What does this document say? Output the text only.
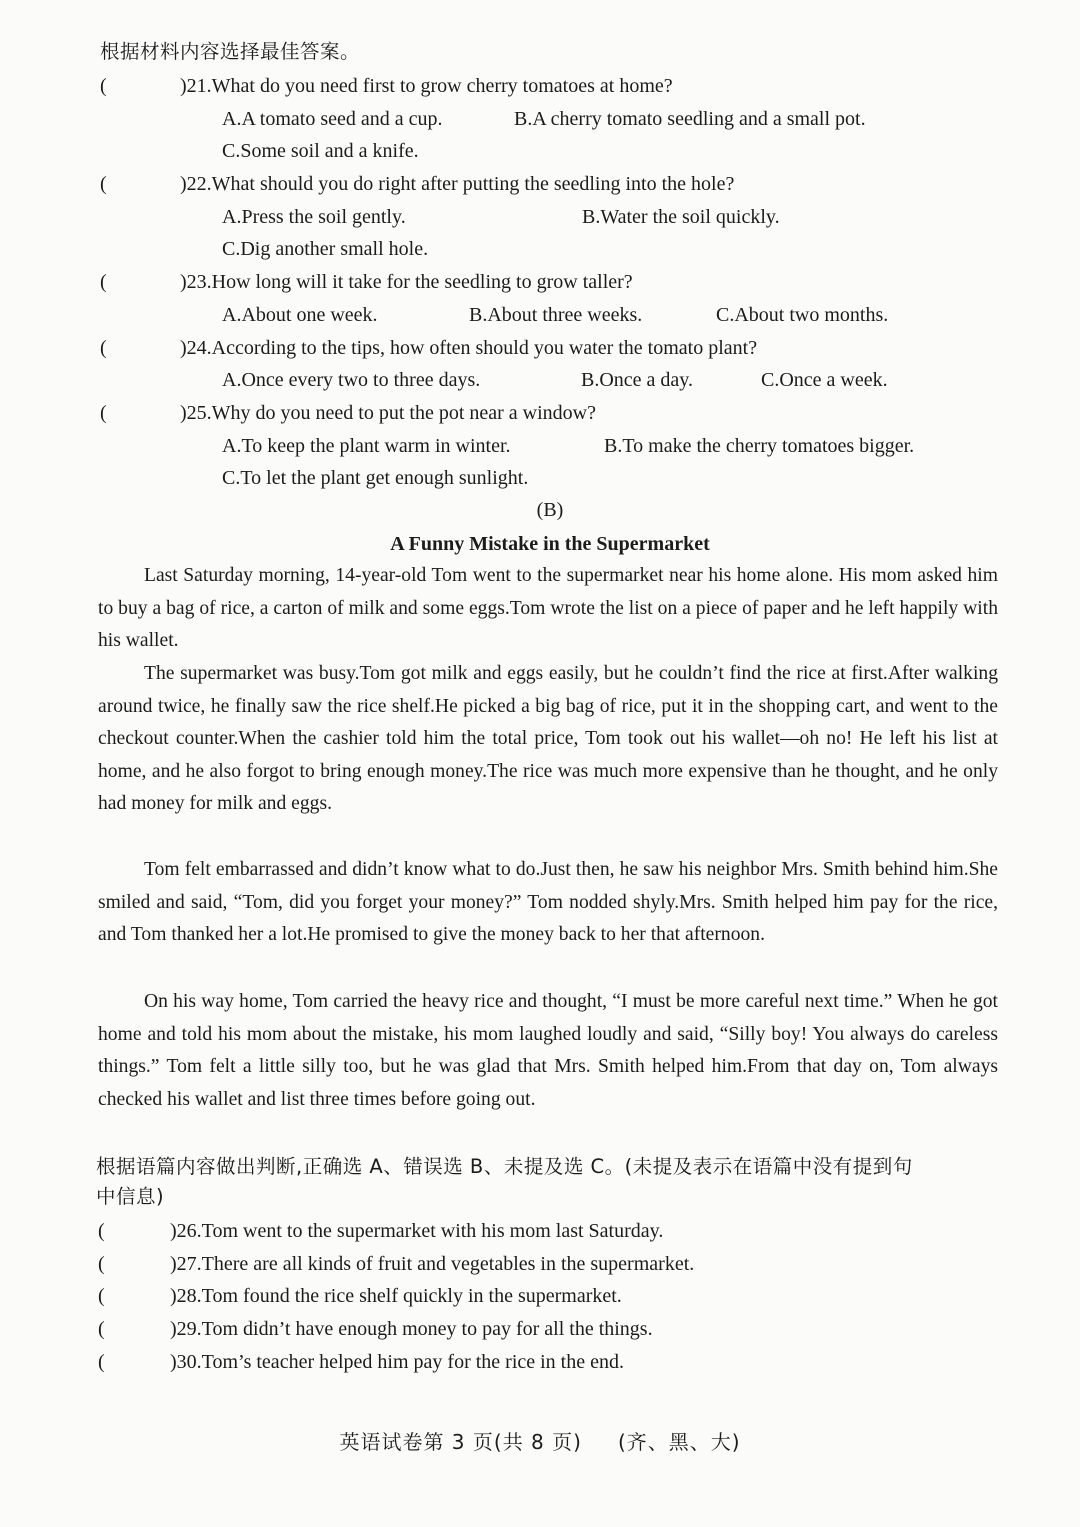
根据材料内容选择最佳答案。
(	)21.What do you need first to grow cherry tomatoes at home?
A.A tomato seed and a cup.	B.A cherry tomato seedling and a small pot.
C.Some soil and a knife.
(	)22.What should you do right after putting the seedling into the hole?
A.Press the soil gently.	B.Water the soil quickly.
C.Dig another small hole.
(	)23.How long will it take for the seedling to grow taller?
A.About one week.	B.About three weeks.	C.About two months.
(	)24.According to the tips, how often should you water the tomato plant?
A.Once every two to three days.	B.Once a day.	C.Once a week.
(	)25.Why do you need to put the pot near a window?
A.To keep the plant warm in winter.	B.To make the cherry tomatoes bigger.
C.To let the plant get enough sunlight.
(B)
A Funny Mistake in the Supermarket
Last Saturday morning, 14-year-old Tom went to the supermarket near his home alone. His mom asked him to buy a bag of rice, a carton of milk and some eggs.Tom wrote the list on a piece of paper and he left happily with his wallet.
The supermarket was busy.Tom got milk and eggs easily, but he couldn’t find the rice at first.After walking around twice, he finally saw the rice shelf.He picked a big bag of rice, put it in the shopping cart, and went to the checkout counter.When the cashier told him the total price, Tom took out his wallet—oh no! He left his list at home, and he also forgot to bring enough money.The rice was much more expensive than he thought, and he only had money for milk and eggs.
Tom felt embarrassed and didn’t know what to do.Just then, he saw his neighbor Mrs. Smith behind him.She smiled and said, “Tom, did you forget your money?” Tom nodded shyly.Mrs. Smith helped him pay for the rice, and Tom thanked her a lot.He promised to give the money back to her that afternoon.
On his way home, Tom carried the heavy rice and thought, “I must be more careful next time.” When he got home and told his mom about the mistake, his mom laughed loudly and said, “Silly boy! You always do careless things.” Tom felt a little silly too, but he was glad that Mrs. Smith helped him.From that day on, Tom always checked his wallet and list three times before going out.
根据语篇内容做出判断,正确选 A、错误选 B、未提及选 C。(未提及表示在语篇中没有提到句
中信息)
(	)26.Tom went to the supermarket with his mom last Saturday.
(	)27.There are all kinds of fruit and vegetables in the supermarket.
(	)28.Tom found the rice shelf quickly in the supermarket.
(	)29.Tom didn’t have enough money to pay for all the things.
(	)30.Tom’s teacher helped him pay for the rice in the end.
英语试卷第 3 页(共 8 页) (齐、黑、大)
